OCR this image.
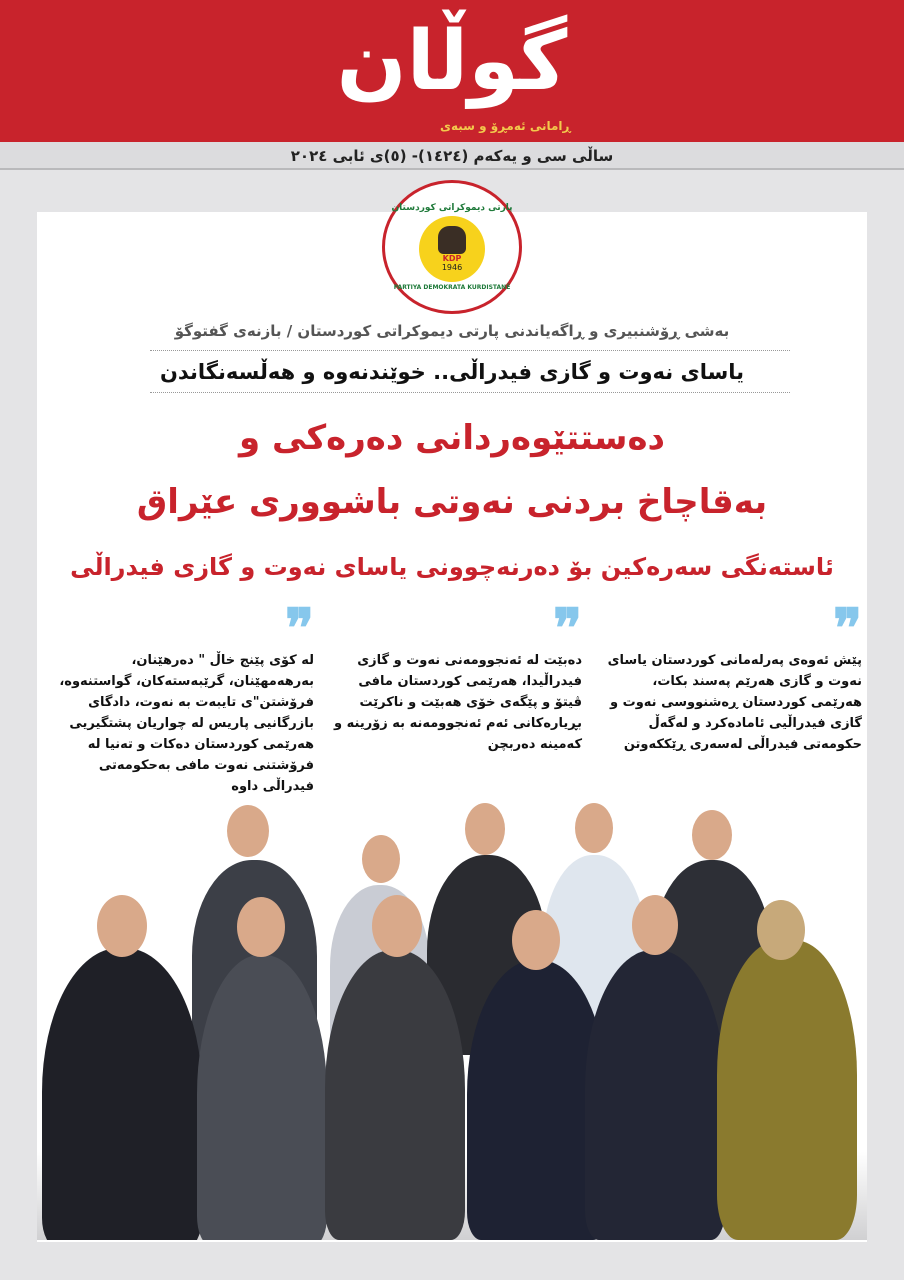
گوڵان
ڕامانی ئەمڕۆ و سبەی
ساڵی سی و یەکەم (١٤٢٤)- (٥)ی ئابی ٢٠٢٤
پارتی دیموکراتی کوردستان
KDP
1946
PARTIYA DEMOKRATA KURDISTANÊ
بەشی ڕۆشنبیری و ڕاگەیاندنی پارتی دیموکراتی کوردستان / بازنەی گفتوگۆ
یاسای نەوت و گازی فیدراڵی.. خوێندنەوە و هەڵسەنگاندن
دەستتێوەردانی دەرەکی و
بەقاچاخ بردنی نەوتی باشووری عێراق
ئاستەنگی سەرەکین بۆ دەرنەچوونی یاسای نەوت و گازی فیدراڵی
❞
پێش ئەوەی پەرلەمانی کوردستان یاسای نەوت و گازی هەرێم پەسند بکات، هەرێمی کوردستان ڕەشنووسی نەوت و گازی فیدراڵیی ئامادەکرد و لەگەڵ حکومەتی فیدراڵی لەسەری ڕێککەوتن
❞
دەبێت لە ئەنجوومەنی نەوت و گازی فیدراڵیدا، هەرێمی کوردستان مافی ڤیتۆ و پێگەی خۆی هەبێت و ناکرێت بڕیارەکانی ئەم ئەنجوومەنە بە زۆرینە و کەمینە دەربچن
❞
لە کۆی پێنج خاڵ " دەرهێنان، بەرهەمهێنان، گرێبەستەکان، گواستنەوە، فرۆشتن"ی تایبەت بە نەوت، دادگای بازرگانیی پاریس لە چواریان پشتگیریی هەرێمی کوردستان دەکات و تەنیا لە فرۆشتنی نەوت مافی بەحکومەتی فیدراڵی داوە
